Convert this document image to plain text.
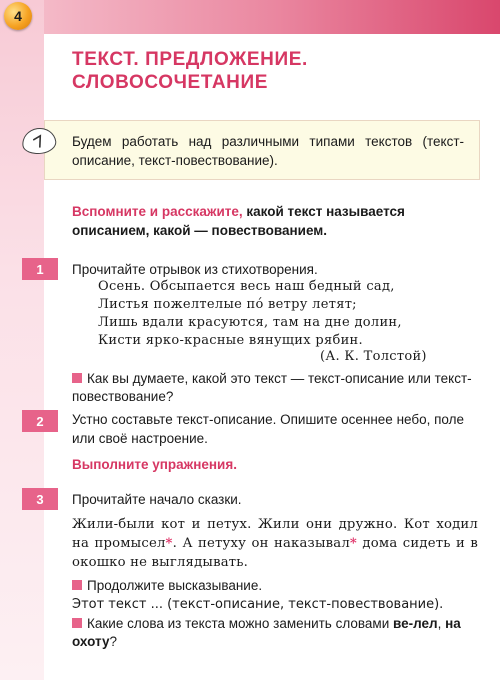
4
ТЕКСТ. ПРЕДЛОЖЕНИЕ.
СЛОВОСОЧЕТАНИЕ
Будем работать над различными типами текстов (текст-описание, текст-повествование).
Вспомните и расскажите, какой текст называется описанием, какой — повествованием.
1	Прочитайте отрывок из стихотворения.
Осень. Обсыпается весь наш бедный сад,
Листья пожелтелые пó ветру летят;
Лишь вдали красуются, там на дне долин,
Кисти ярко-красные вянущих рябин.
(А. К. Толстой)
Как вы думаете, какой это текст — текст-описание или текст-повествование?
2	Устно составьте текст-описание. Опишите осеннее небо, поле или своё настроение.
Выполните упражнения.
3	Прочитайте начало сказки.
Жили-были кот и петух. Жили они дружно. Кот ходил на промысел*. А петуху он наказывал* дома сидеть и в окошко не выглядывать.
Продолжите высказывание.
Этот текст ... (текст-описание, текст-повествование).
Какие слова из текста можно заменить словами ве-лел, на охоту?
